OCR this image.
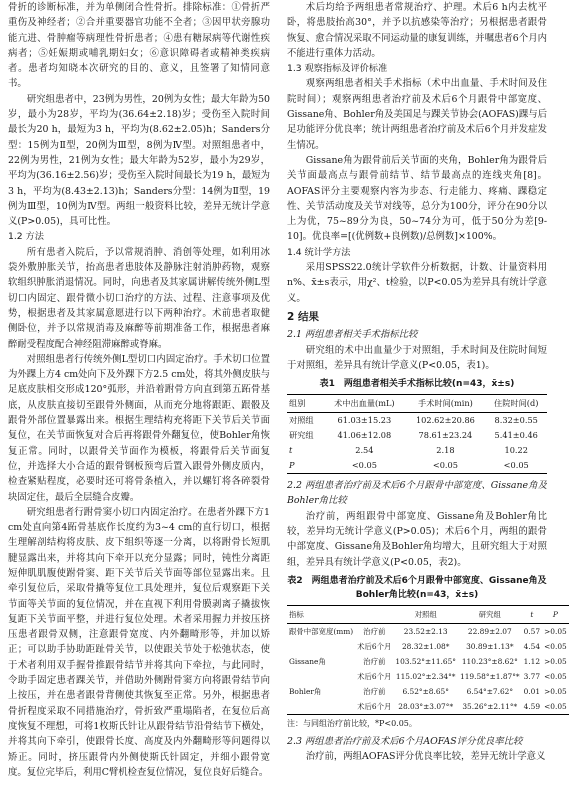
骨折的诊断标准，并为单侧闭合性骨折。排除标准：①骨折严重伤及神经者；②合并重要器官功能不全者；③因甲状旁腺功能亢进、骨肿瘤等病理性骨折患者；④患有糖尿病等代谢性疾病者；⑤妊娠期或哺乳期妇女；⑥意识障碍者或精神类疾病者。患者均知晓本次研究的目的、意义，且签署了知情同意书。

研究组患者中，23例为男性，20例为女性；最大年龄为50岁，最小为28岁，平均为(36.64±2.18)岁；受伤至入院时间最长为20 h，最短为3 h，平均为(8.62±2.05)h；Sanders分型：15例为Ⅱ型，20例为Ⅲ型，8例为Ⅳ型。对照组患者中，22例为男性，21例为女性；最大年龄为52岁，最小为29岁，平均为(36.16±2.56)岁；受伤至入院时间最长为19 h，最短为3 h，平均为(8.43±2.13)h；Sanders分型：14例为Ⅱ型，19例为Ⅲ型，10例为Ⅳ型。两组一般资料比较，差异无统计学意义(P>0.05)，具可比性。

1.2 方法

所有患者入院后，予以常规消肿、消创等处理，如利用冰袋外敷肿胀关节，抬高患者患肢体及静脉注射消肿药物，观察软组织肿胀消退情况。同时，向患者及其家属讲解传统外侧L型切口内固定、跟骨微小切口治疗的方法、过程、注意事项及优势，根据患者及其家属意愿进行以下两种治疗。术前患者取健侧卧位，并予以常规消毒及麻醉等前期准备工作，根据患者麻醉耐受程度配合神经阻滞麻醉或脊麻。

对照组患者行传统外侧L型切口内固定治疗。手术切口位置为外踝上方4 cm处向下及外踝下方2.5 cm处，将其外侧皮肤与足底皮肤相交形成120°弧形，并沿着跗骨方向直到第五跖骨基底，从皮肤直接切至跟骨外侧面，从而充分地将跟距、跟骰及跟骨外部位置暴露出来。根据生理结构充将距下关节后关节面复位，在关节面恢复对合后再将跟骨外翻复位，使Bohler角恢复正常。同时，以跟骨关节面作为模板，将跟骨后关节面复位，并选择大小合适的跟骨钢板预弯后置入跟骨外侧皮质内，检查紧贴程度，必要时还可将骨条植入，并以螺钉将各碎裂骨块固定住，最后全层缝合皮瓣。

研究组患者行跗骨窦小切口内固定治疗。在患者外踝下方1 cm处直向第4跖骨基底作长度约为3~4 cm的直行切口，根据生理解剖结构将皮肤、皮下组织等逐一分离，以将跗骨长短肌腱显露出来，并将其向下牵开以充分显露；同时，钝性分离距短伸肌肌腹使跗骨窦、距下关节后关节面等部位显露出来。且牵引复位后，采取骨撬等复位工具处理并，复位后观察距下关节面等关节面的复位情况，并在直视下利用骨膜剥离子撬拔恢复距下关节面平整，并进行复位处理。术者采用握力并按压挤压患者跟骨双侧，注意跟骨宽度、内外翻畸形等，并加以矫正；可以助手协助距趾骨关节，以使跟关节处于松弛状态，使于术者利用双手握骨推跟骨结节并将其向下牵拉，与此同时，令助手固定患者踝关节，并借助外侧跗骨窦方向将跟骨结节向上按压，并在患者跟骨背侧使其恢复至正常。另外，根据患者骨折程度采取不同措施治疗，骨折致严重塌陷者，在复位后高度恢复不理想，可将1枚斯氏针让从跟骨结节沿骨结节下横处，并将其向下牵引，使跟骨长度、高度及内外翻畸形等问题得以矫正。同时，挤压跟骨内外侧使斯氏针固定，并细小跟骨宽度。复位完毕后，利用C臂机检查复位情况，复位良好后缝合。

术后均给予两组患者常规治疗、护理。术后6 h内去枕平卧，将患肢抬高30°，并予以抗感染等治疗；另根据患者跟骨恢复、愈合情况采取不同运动量的康复训练，并嘱患者6个月内不能进行重体力活动。

1.3 观察指标及评价标准

观察两组患者相关手术指标（术中出血量、手术时间及住院时间）；观察两组患者治疗前及术后6个月跟骨中部宽度、Gissane角、Bohler角及美国足与踝关节协会(AOFAS)踝与后足功能评分优良率；统计两组患者治疗前及术后6个月并发症发生情况。

Gissane角为跟骨前后关节面的夹角，Bohler角为跟骨后关节面最高点与跟骨前结节、结节最高点的连线夹角[8]。AOFAS评分主要观察内容为步态、行走能力、疼痛、踝稳定性、关节活动度及关节对线等，总分为100分，评分在90分以上为优，75~89分为良，50~74分为可，低于50分为差[9-10]。优良率=[(优例数+良例数)/总例数]×100%。

1.4 统计学方法

采用SPSS22.0统计学软件分析数据，计数、计量资料用n%、x̄±s表示，用χ²、t检验，以P<0.05为差异具有统计学意义。

2 结果

2.1 两组患者相关手术指标比较

研究组的术中出血量少于对照组，手术时间及住院时间短于对照组，差异具有统计学意义(P<0.05，表1)。

表1　两组患者相关手术指标比较(n=43，x̄±s)
组别	术中出血量(mL)	手术时间(min)	住院时间(d)
对照组	61.03±15.23	102.62±20.86	8.32±0.55
研究组	41.06±12.08	78.61±23.24	5.41±0.46
t	2.54	2.18	10.22
P	<0.05	<0.05	<0.05

2.2 两组患者治疗前及术后6个月跟骨中部宽度、Gissane角及Bohler角比较

治疗前，两组跟骨中部宽度、Gissane角及Bohler角比较，差异均无统计学意义(P>0.05)；术后6个月，两组的跟骨中部宽度、Gissane角及Bohler角均增大，且研究组大于对照组，差异具有统计学意义(P<0.05，表2)。

表2　两组患者治疗前及术后6个月跟骨中部宽度、Gissane角及Bohler角比较(n=43，x̄±s)
指标		对照组	研究组	t	P
跟骨中部宽度(mm)	治疗前	23.52±2.13	22.89±2.07	0.57	>0.05
	术后6个月	28.32±1.08*	30.89±1.13*	4.54	<0.05
Gissane角	治疗前	103.52°±11.65°	110.23°±8.62°	1.12	>0.05
	术后6个月	115.02°±2.34°*	119.58°±1.87°*	3.77	<0.05
Bohler角	治疗前	6.52°±8.65°	6.54°±7.62°	0.01	>0.05
	术后6个月	28.03°±3.07°*	35.26°±2.11°*	4.59	<0.05
注：与同组治疗前比较，*P<0.05。

2.3 两组患者治疗前及术后6个月AOFAS评分优良率比较

治疗前，两组AOFAS评分优良率比较，差异无统计学意义
